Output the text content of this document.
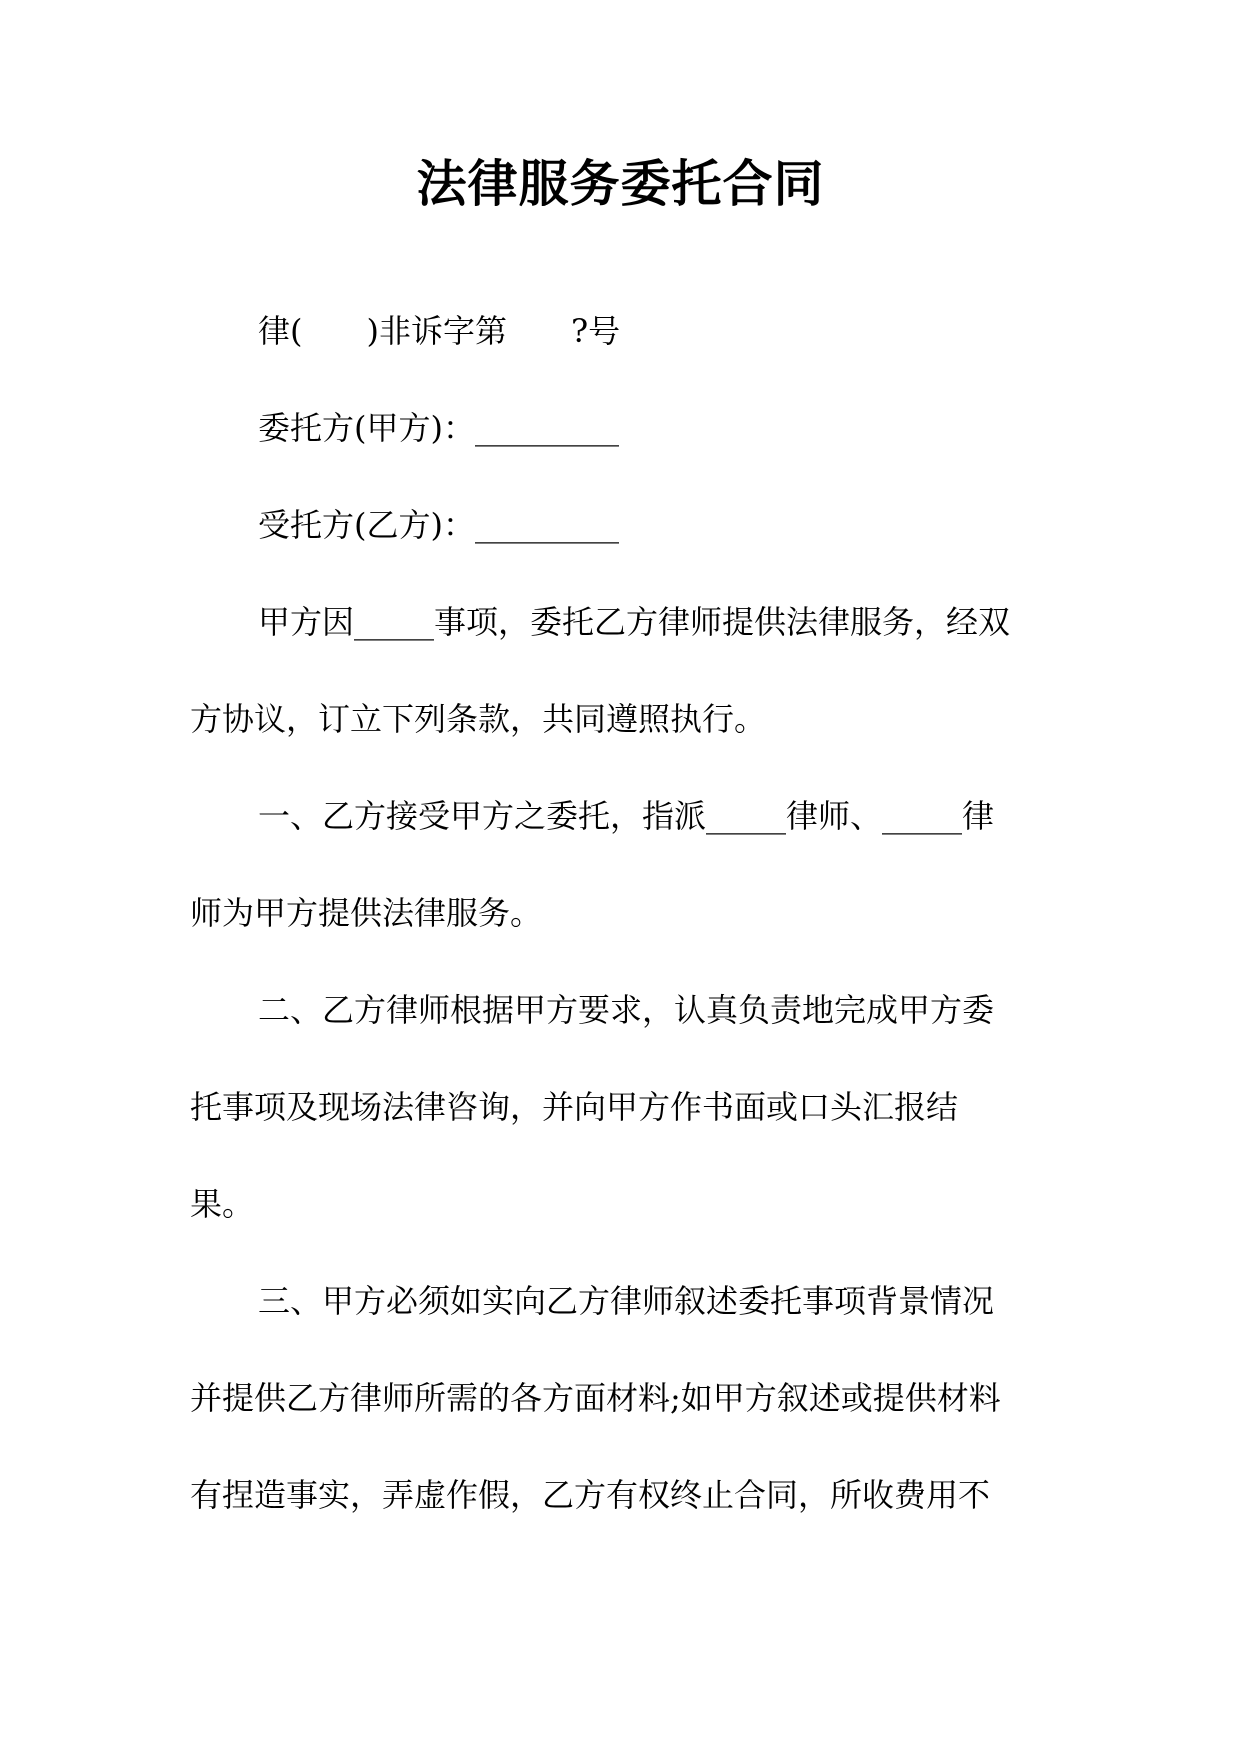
法律服务委托合同
律(　　)非诉字第　　?号
委托方(甲方)：_________
受托方(乙方)：_________
甲方因_____事项，委托乙方律师提供法律服务，经双
方协议，订立下列条款，共同遵照执行。
一、乙方接受甲方之委托，指派_____律师、_____律
师为甲方提供法律服务。
二、乙方律师根据甲方要求，认真负责地完成甲方委
托事项及现场法律咨询，并向甲方作书面或口头汇报结
果。
三、甲方必须如实向乙方律师叙述委托事项背景情况
并提供乙方律师所需的各方面材料;如甲方叙述或提供材料
有捏造事实，弄虚作假，乙方有权终止合同，所收费用不
